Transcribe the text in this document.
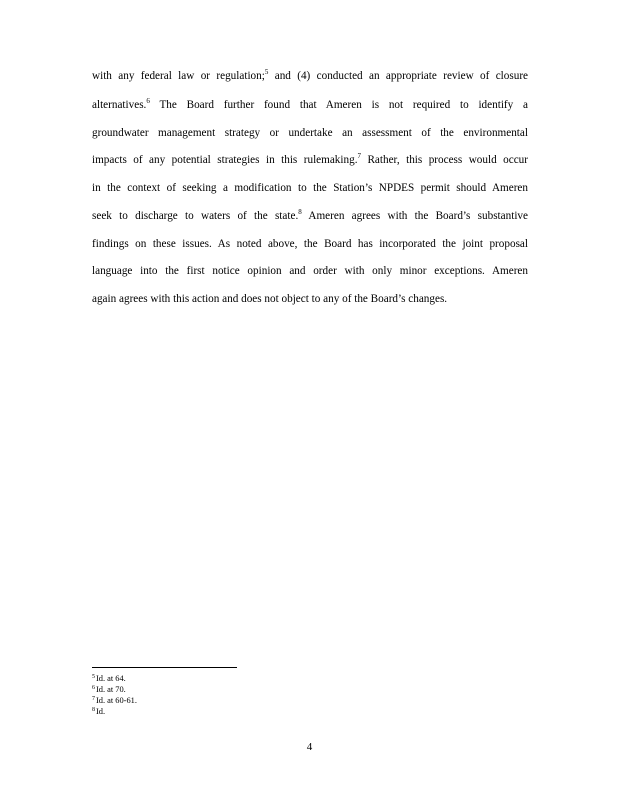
with any federal law or regulation;$^5$ and (4) conducted an appropriate review of closure
alternatives.$^6$ The Board further found that Ameren is not required to identify a
groundwater management strategy or undertake an assessment of the environmental
impacts of any potential strategies in this rulemaking.$^7$ Rather, this process would occur
in the context of seeking a modification to the Station’s NPDES permit should Ameren
seek to discharge to waters of the state.$^8$ Ameren agrees with the Board’s substantive
findings on these issues. As noted above, the Board has incorporated the joint proposal
language into the first notice opinion and order with only minor exceptions. Ameren
again agrees with this action and does not object to any of the Board’s changes.
$^5$Id. at 64.
$^6$Id. at 70.
$^7$Id. at 60-61.
$^8$Id.
4
